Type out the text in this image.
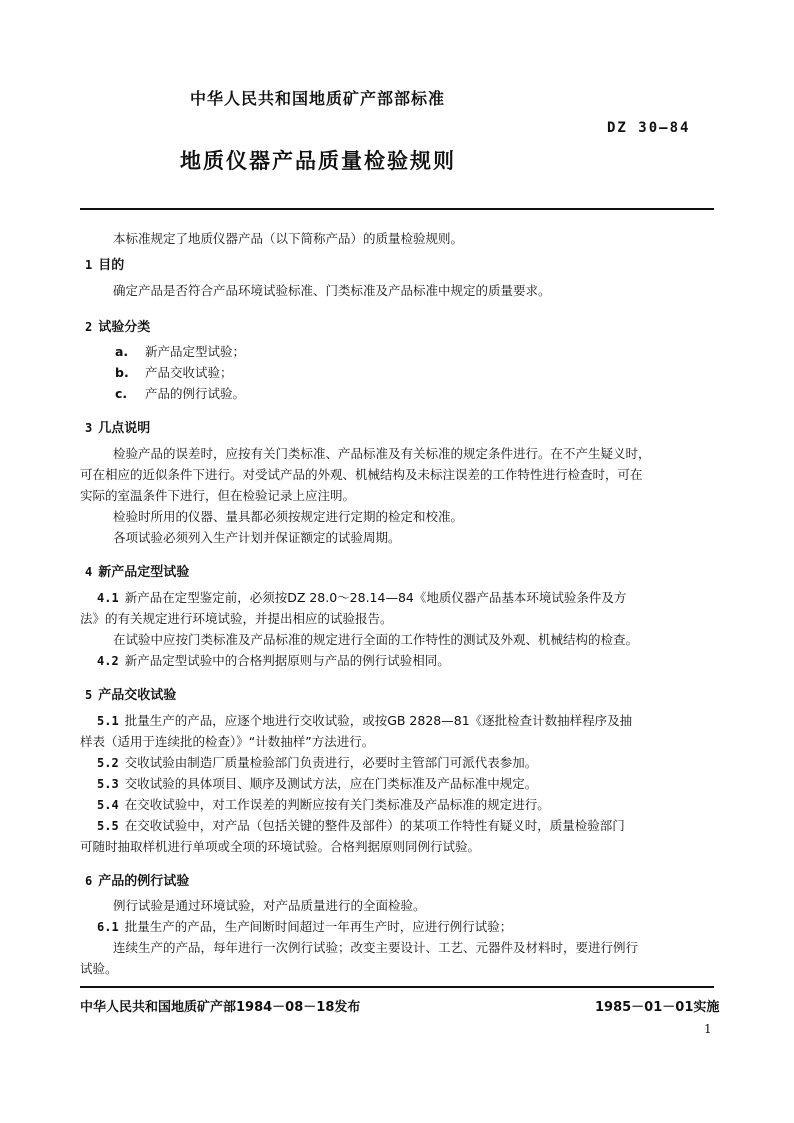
中华人民共和国地质矿产部部标准
DZ 30—84
地质仪器产品质量检验规则
本标准规定了地质仪器产品（以下简称产品）的质量检验规则。
1 目的
确定产品是否符合产品环境试验标准、门类标准及产品标准中规定的质量要求。
2 试验分类
a. 新产品定型试验；
b. 产品交收试验；
c. 产品的例行试验。
3 几点说明
检验产品的误差时，应按有关门类标准、产品标准及有关标准的规定条件进行。在不产生疑义时，
可在相应的近似条件下进行。对受试产品的外观、机械结构及未标注误差的工作特性进行检查时，可在
实际的室温条件下进行，但在检验记录上应注明。
检验时所用的仪器、量具都必须按规定进行定期的检定和校准。
各项试验必须列入生产计划并保证额定的试验周期。
4 新产品定型试验
4.1 新产品在定型鉴定前，必须按DZ 28.0～28.14—84《地质仪器产品基本环境试验条件及方
法》的有关规定进行环境试验，并提出相应的试验报告。
在试验中应按门类标准及产品标准的规定进行全面的工作特性的测试及外观、机械结构的检查。
4.2 新产品定型试验中的合格判据原则与产品的例行试验相同。
5 产品交收试验
5.1 批量生产的产品，应逐个地进行交收试验，或按GB 2828—81《逐批检查计数抽样程序及抽
样表（适用于连续批的检查）》“计数抽样”方法进行。
5.2 交收试验由制造厂质量检验部门负责进行，必要时主管部门可派代表参加。
5.3 交收试验的具体项目、顺序及测试方法，应在门类标准及产品标准中规定。
5.4 在交收试验中，对工作误差的判断应按有关门类标准及产品标准的规定进行。
5.5 在交收试验中，对产品（包括关键的整件及部件）的某项工作特性有疑义时，质量检验部门
可随时抽取样机进行单项或全项的环境试验。合格判据原则同例行试验。
6 产品的例行试验
例行试验是通过环境试验，对产品质量进行的全面检验。
6.1 批量生产的产品，生产间断时间超过一年再生产时，应进行例行试验；
连续生产的产品，每年进行一次例行试验；改变主要设计、工艺、元器件及材料时，要进行例行
试验。
中华人民共和国地质矿产部1984－08－18发布	1985－01－01实施
1
